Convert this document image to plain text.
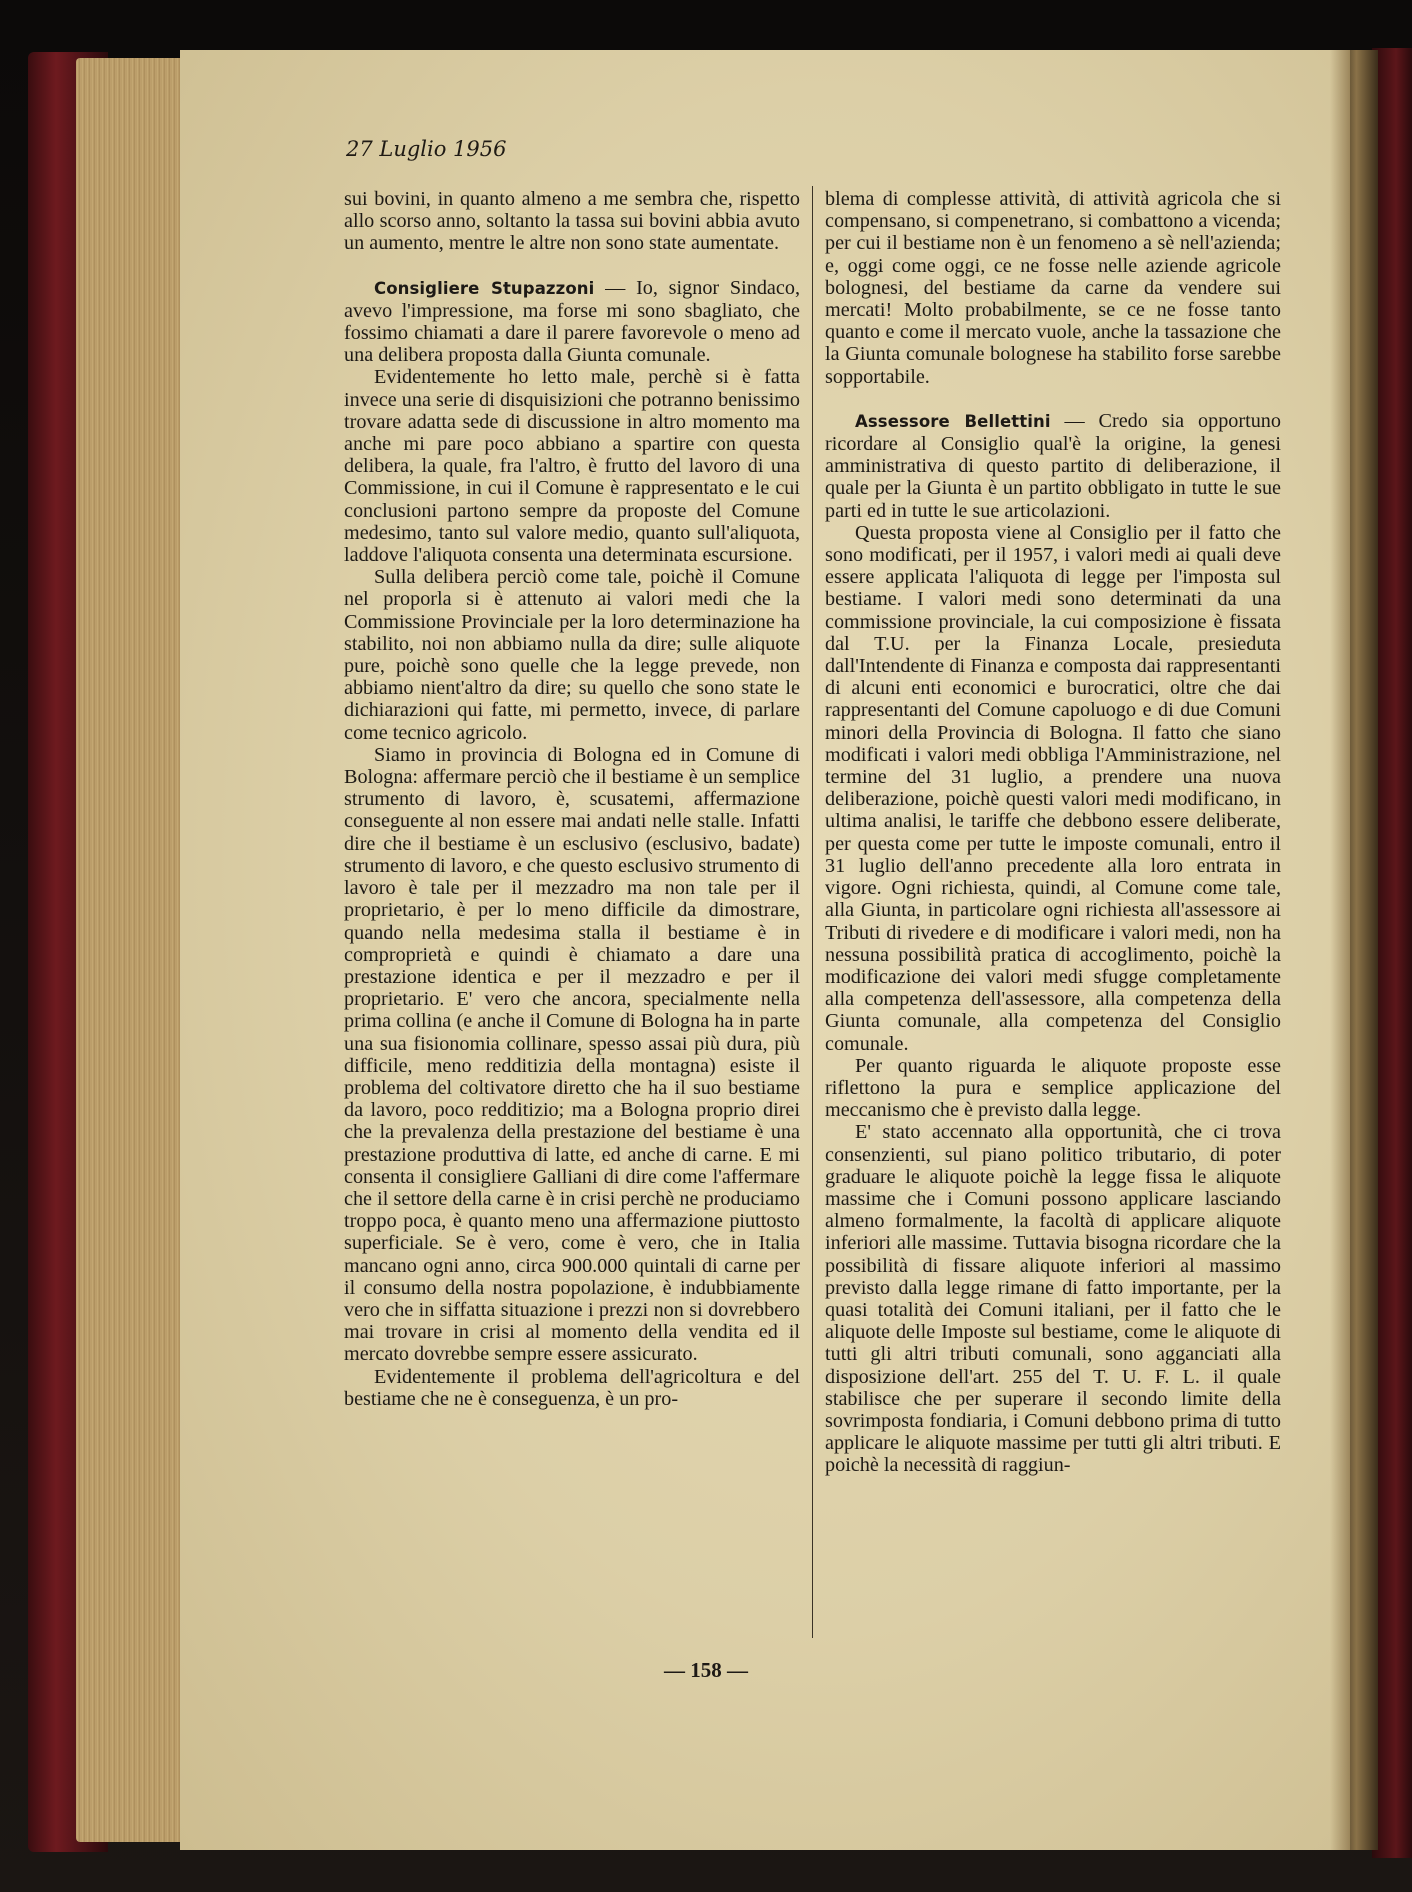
27 Luglio 1956

sui bovini, in quanto almeno a me sembra che, rispetto allo scorso anno, soltanto la tassa sui bovini abbia avuto un aumento, mentre le altre non sono state aumentate.

Consigliere Stupazzoni — Io, signor Sindaco, avevo l'impressione, ma forse mi sono sbagliato, che fossimo chiamati a dare il parere favorevole o meno ad una delibera proposta dalla Giunta comunale.

Evidentemente ho letto male, perchè si è fatta invece una serie di disquisizioni che potranno benissimo trovare adatta sede di discussione in altro momento ma anche mi pare poco abbiano a spartire con questa delibera, la quale, fra l'altro, è frutto del lavoro di una Commissione, in cui il Comune è rappresentato e le cui conclusioni partono sempre da proposte del Comune medesimo, tanto sul valore medio, quanto sull'aliquota, laddove l'aliquota consenta una determinata escursione.

Sulla delibera perciò come tale, poichè il Comune nel proporla si è attenuto ai valori medi che la Commissione Provinciale per la loro determinazione ha stabilito, noi non abbiamo nulla da dire; sulle aliquote pure, poichè sono quelle che la legge prevede, non abbiamo nient'altro da dire; su quello che sono state le dichiarazioni qui fatte, mi permetto, invece, di parlare come tecnico agricolo.

Siamo in provincia di Bologna ed in Comune di Bologna: affermare perciò che il bestiame è un semplice strumento di lavoro, è, scusatemi, affermazione conseguente al non essere mai andati nelle stalle. Infatti dire che il bestiame è un esclusivo (esclusivo, badate) strumento di lavoro, e che questo esclusivo strumento di lavoro è tale per il mezzadro ma non tale per il proprietario, è per lo meno difficile da dimostrare, quando nella medesima stalla il bestiame è in comproprietà e quindi è chiamato a dare una prestazione identica e per il mezzadro e per il proprietario. E' vero che ancora, specialmente nella prima collina (e anche il Comune di Bologna ha in parte una sua fisionomia collinare, spesso assai più dura, più difficile, meno redditizia della montagna) esiste il problema del coltivatore diretto che ha il suo bestiame da lavoro, poco redditizio; ma a Bologna proprio direi che la prevalenza della prestazione del bestiame è una prestazione produttiva di latte, ed anche di carne. E mi consenta il consigliere Galliani di dire come l'affermare che il settore della carne è in crisi perchè ne produciamo troppo poca, è quanto meno una affermazione piuttosto superficiale. Se è vero, come è vero, che in Italia mancano ogni anno, circa 900.000 quintali di carne per il consumo della nostra popolazione, è indubbiamente vero che in siffatta situazione i prezzi non si dovrebbero mai trovare in crisi al momento della vendita ed il mercato dovrebbe sempre essere assicurato.

Evidentemente il problema dell'agricoltura e del bestiame che ne è conseguenza, è un pro-

blema di complesse attività, di attività agricola che si compensano, si compenetrano, si combattono a vicenda; per cui il bestiame non è un fenomeno a sè nell'azienda; e, oggi come oggi, ce ne fosse nelle aziende agricole bolognesi, del bestiame da carne da vendere sui mercati! Molto probabilmente, se ce ne fosse tanto quanto e come il mercato vuole, anche la tassazione che la Giunta comunale bolognese ha stabilito forse sarebbe sopportabile.

Assessore Bellettini — Credo sia opportuno ricordare al Consiglio qual'è la origine, la genesi amministrativa di questo partito di deliberazione, il quale per la Giunta è un partito obbligato in tutte le sue parti ed in tutte le sue articolazioni.

Questa proposta viene al Consiglio per il fatto che sono modificati, per il 1957, i valori medi ai quali deve essere applicata l'aliquota di legge per l'imposta sul bestiame. I valori medi sono determinati da una commissione provinciale, la cui composizione è fissata dal T.U. per la Finanza Locale, presieduta dall'Intendente di Finanza e composta dai rappresentanti di alcuni enti economici e burocratici, oltre che dai rappresentanti del Comune capoluogo e di due Comuni minori della Provincia di Bologna. Il fatto che siano modificati i valori medi obbliga l'Amministrazione, nel termine del 31 luglio, a prendere una nuova deliberazione, poichè questi valori medi modificano, in ultima analisi, le tariffe che debbono essere deliberate, per questa come per tutte le imposte comunali, entro il 31 luglio dell'anno precedente alla loro entrata in vigore. Ogni richiesta, quindi, al Comune come tale, alla Giunta, in particolare ogni richiesta all'assessore ai Tributi di rivedere e di modificare i valori medi, non ha nessuna possibilità pratica di accoglimento, poichè la modificazione dei valori medi sfugge completamente alla competenza dell'assessore, alla competenza della Giunta comunale, alla competenza del Consiglio comunale.

Per quanto riguarda le aliquote proposte esse riflettono la pura e semplice applicazione del meccanismo che è previsto dalla legge.

E' stato accennato alla opportunità, che ci trova consenzienti, sul piano politico tributario, di poter graduare le aliquote poichè la legge fissa le aliquote massime che i Comuni possono applicare lasciando almeno formalmente, la facoltà di applicare aliquote inferiori alle massime. Tuttavia bisogna ricordare che la possibilità di fissare aliquote inferiori al massimo previsto dalla legge rimane di fatto importante, per la quasi totalità dei Comuni italiani, per il fatto che le aliquote delle Imposte sul bestiame, come le aliquote di tutti gli altri tributi comunali, sono agganciati alla disposizione dell'art. 255 del T. U. F. L. il quale stabilisce che per superare il secondo limite della sovrimposta fondiaria, i Comuni debbono prima di tutto applicare le aliquote massime per tutti gli altri tributi. E poichè la necessità di raggiun-

— 158 —
